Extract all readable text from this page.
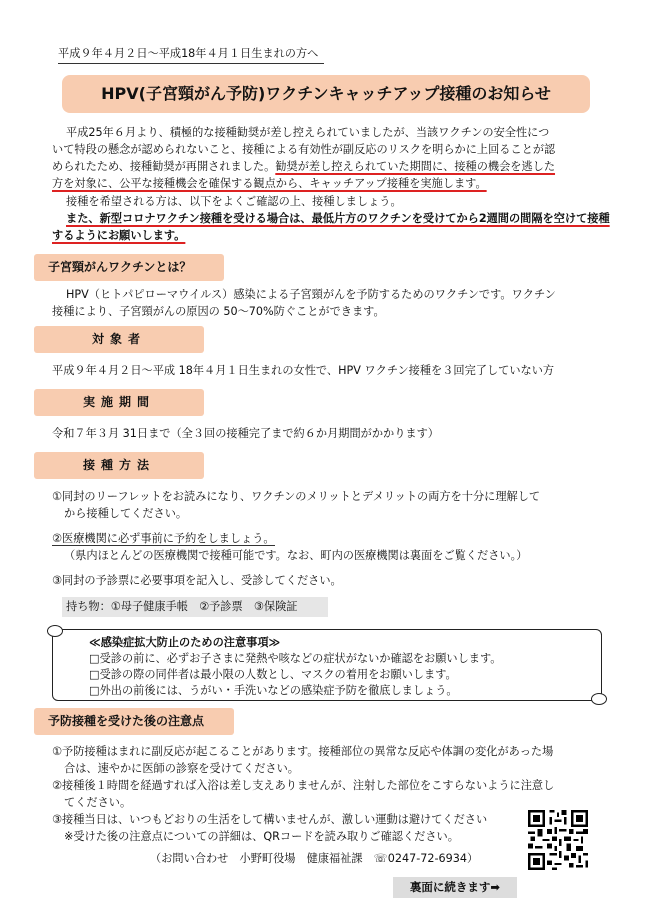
平成９年４月２日～平成18年４月１日生まれの方へ
HPV(子宮頸がん予防)ワクチンキャッチアップ接種のお知らせ
平成25年６月より、積極的な接種勧奨が差し控えられていましたが、当該ワクチンの安全性につ
いて特段の懸念が認められないこと、接種による有効性が副反応のリスクを明らかに上回ることが認
められたため、接種勧奨が再開されました。勧奨が差し控えられていた期間に、接種の機会を逃した
方を対象に、公平な接種機会を確保する観点から、キャッチアップ接種を実施します。
接種を希望される方は、以下をよくご確認の上、接種しましょう。
また、新型コロナワクチン接種を受ける場合は、最低片方のワクチンを受けてから2週間の間隔を空けて接種
するようにお願いします。
子宮頸がんワクチンとは？
HPV（ヒトパピローマウイルス）感染による子宮頸がんを予防するためのワクチンです。ワクチン
接種により、子宮頸がんの原因の 50～70%防ぐことができます。
対象者
平成９年４月２日～平成 18年４月１日生まれの女性で、HPV ワクチン接種を３回完了していない方
実施期間
令和７年３月 31日まで（全３回の接種完了まで約６か月期間がかかります）
接種方法
①同封のリーフレットをお読みになり、ワクチンのメリットとデメリットの両方を十分に理解して
から接種してください。
②医療機関に必ず事前に予約をしましょう。
（県内ほとんどの医療機関で接種可能です。なお、町内の医療機関は裏面をご覧ください。）
③同封の予診票に必要事項を記入し、受診してください。
持ち物：①母子健康手帳　②予診票　③保険証
≪感染症拡大防止のための注意事項≫
□受診の前に、必ずお子さまに発熱や咳などの症状がないか確認をお願いします。
□受診の際の同伴者は最小限の人数とし、マスクの着用をお願いします。
□外出の前後には、うがい・手洗いなどの感染症予防を徹底しましょう。
予防接種を受けた後の注意点
①予防接種はまれに副反応が起こることがあります。接種部位の異常な反応や体調の変化があった場
合は、速やかに医師の診察を受けてください。
②接種後１時間を経過すれば入浴は差し支えありませんが、注射した部位をこすらないように注意し
てください。
③接種当日は、いつもどおりの生活をして構いませんが、激しい運動は避けてください
※受けた後の注意点についての詳細は、QRコードを読み取りご確認ください。
（お問い合わせ　小野町役場　健康福祉課　☏0247-72-6934）
裏面に続きます➡
